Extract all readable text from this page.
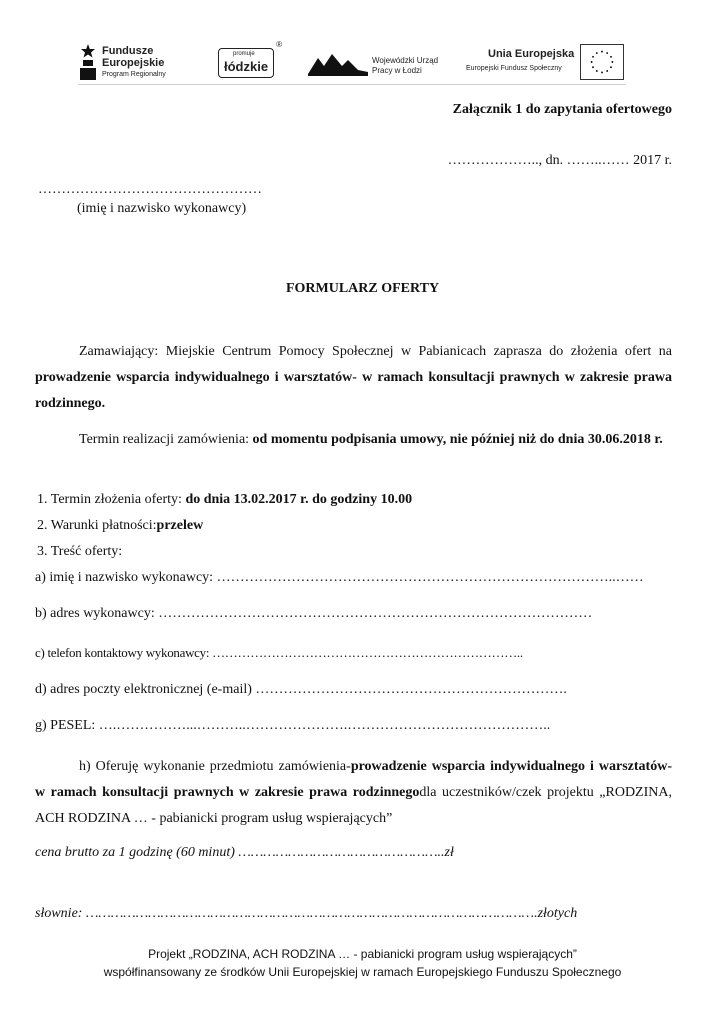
Fundusze
Europejskie
Program Regionalny
promuje
łódzkie
®
Wojewódzki Urząd
Pracy w Łodzi
Unia Europejska
Europejski Fundusz Społeczny
Załącznik 1 do zapytania ofertowego
……………….., dn. ……..…… 2017 r.
…………………………………………
(imię i nazwisko wykonawcy)
FORMULARZ OFERTY
Zamawiający: Miejskie Centrum Pomocy Społecznej w Pabianicach zaprasza do złożenia ofert na prowadzenie wsparcia indywidualnego i warsztatów- w ramach konsultacji prawnych w zakresie prawa rodzinnego.
Termin realizacji zamówienia: od momentu podpisania umowy, nie później niż do dnia 30.06.2018 r.
1. Termin złożenia oferty: do dnia 13.02.2017 r. do godziny 10.00
2. Warunki płatności:przelew
3. Treść oferty:
a) imię i nazwisko wykonawcy: …………………………………………………………………………..……
b) adres wykonawcy: …………………………………………………………………………………
c) telefon kontaktowy wykonawcy: ………………………………………………………………..
d) adres poczty elektronicznej (e-mail) ………………………………………………………….
g) PESEL: ….……………...………..………………….……………………………………..
h) Oferuję wykonanie przedmiotu zamówienia-prowadzenie wsparcia indywidualnego i warsztatów- w ramach konsultacji prawnych w zakresie prawa rodzinnegodla uczestników/czek projektu „RODZINA, ACH RODZINA … - pabianicki program usług wspierających”
cena brutto za 1 godzinę (60 minut) …………………………………………..zł
słownie: ……………………………………………………………………………………………….złotych
Projekt „RODZINA, ACH RODZINA … - pabianicki program usług wspierających”
współfinansowany ze środków Unii Europejskiej w ramach Europejskiego Funduszu Społecznego
